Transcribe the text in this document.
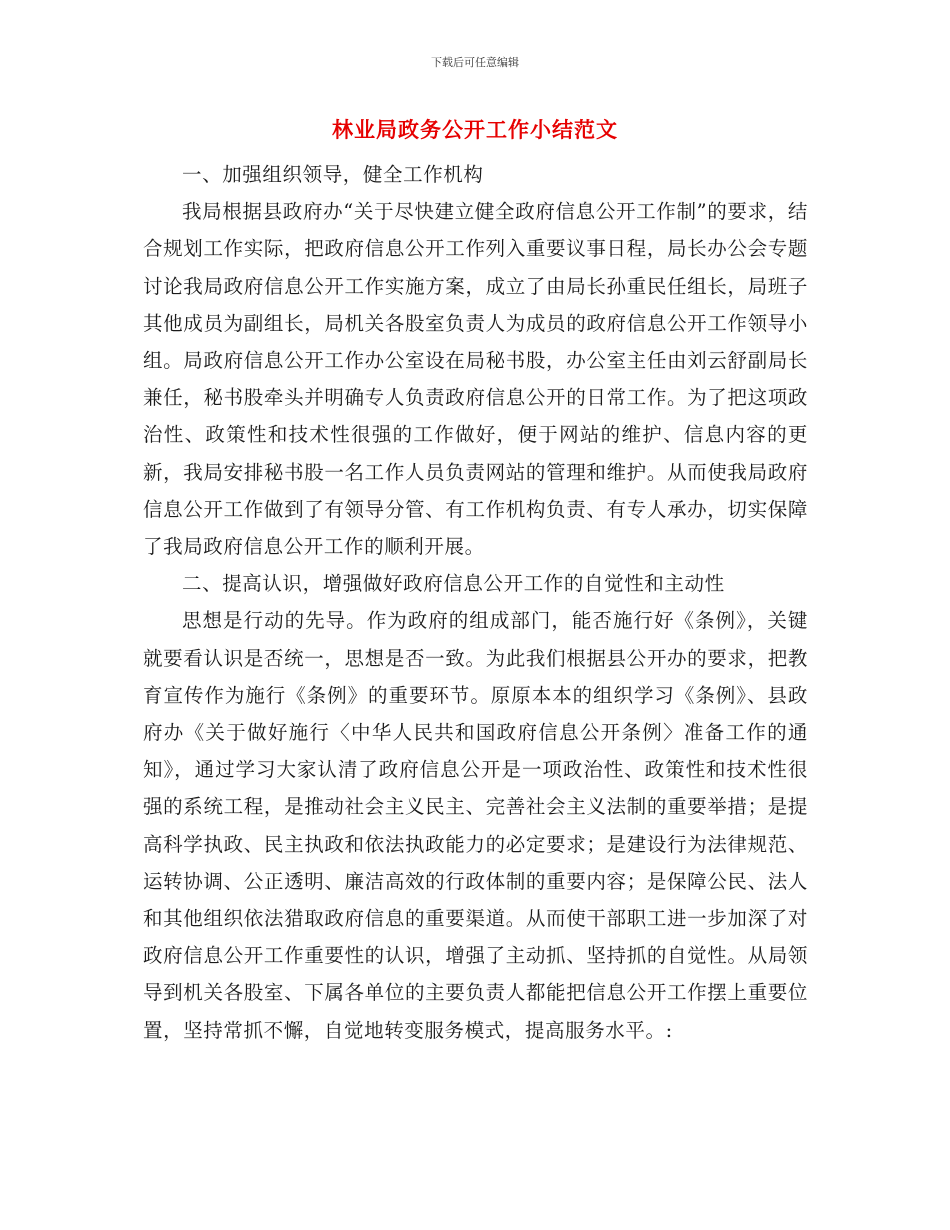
下载后可任意编辑
林业局政务公开工作小结范文

一、加强组织领导，健全工作机构

我局根据县政府办“关于尽快建立健全政府信息公开工作制”的要求，结合规划工作实际，把政府信息公开工作列入重要议事日程，局长办公会专题讨论我局政府信息公开工作实施方案，成立了由局长孙重民任组长，局班子其他成员为副组长，局机关各股室负责人为成员的政府信息公开工作领导小组。局政府信息公开工作办公室设在局秘书股，办公室主任由刘云舒副局长兼任，秘书股牵头并明确专人负责政府信息公开的日常工作。为了把这项政治性、政策性和技术性很强的工作做好，便于网站的维护、信息内容的更新，我局安排秘书股一名工作人员负责网站的管理和维护。从而使我局政府信息公开工作做到了有领导分管、有工作机构负责、有专人承办，切实保障了我局政府信息公开工作的顺利开展。

二、提高认识，增强做好政府信息公开工作的自觉性和主动性

思想是行动的先导。作为政府的组成部门，能否施行好《条例》，关键就要看认识是否统一，思想是否一致。为此我们根据县公开办的要求，把教育宣传作为施行《条例》的重要环节。原原本本的组织学习《条例》、县政府办《关于做好施行〈中华人民共和国政府信息公开条例〉准备工作的通知》，通过学习大家认清了政府信息公开是一项政治性、政策性和技术性很强的系统工程，是推动社会主义民主、完善社会主义法制的重要举措；是提高科学执政、民主执政和依法执政能力的必定要求；是建设行为法律规范、运转协调、公正透明、廉洁高效的行政体制的重要内容；是保障公民、法人和其他组织依法猎取政府信息的重要渠道。从而使干部职工进一步加深了对政府信息公开工作重要性的认识，增强了主动抓、坚持抓的自觉性。从局领导到机关各股室、下属各单位的主要负责人都能把信息公开工作摆上重要位置，坚持常抓不懈，自觉地转变服务模式，提高服务水平。:
